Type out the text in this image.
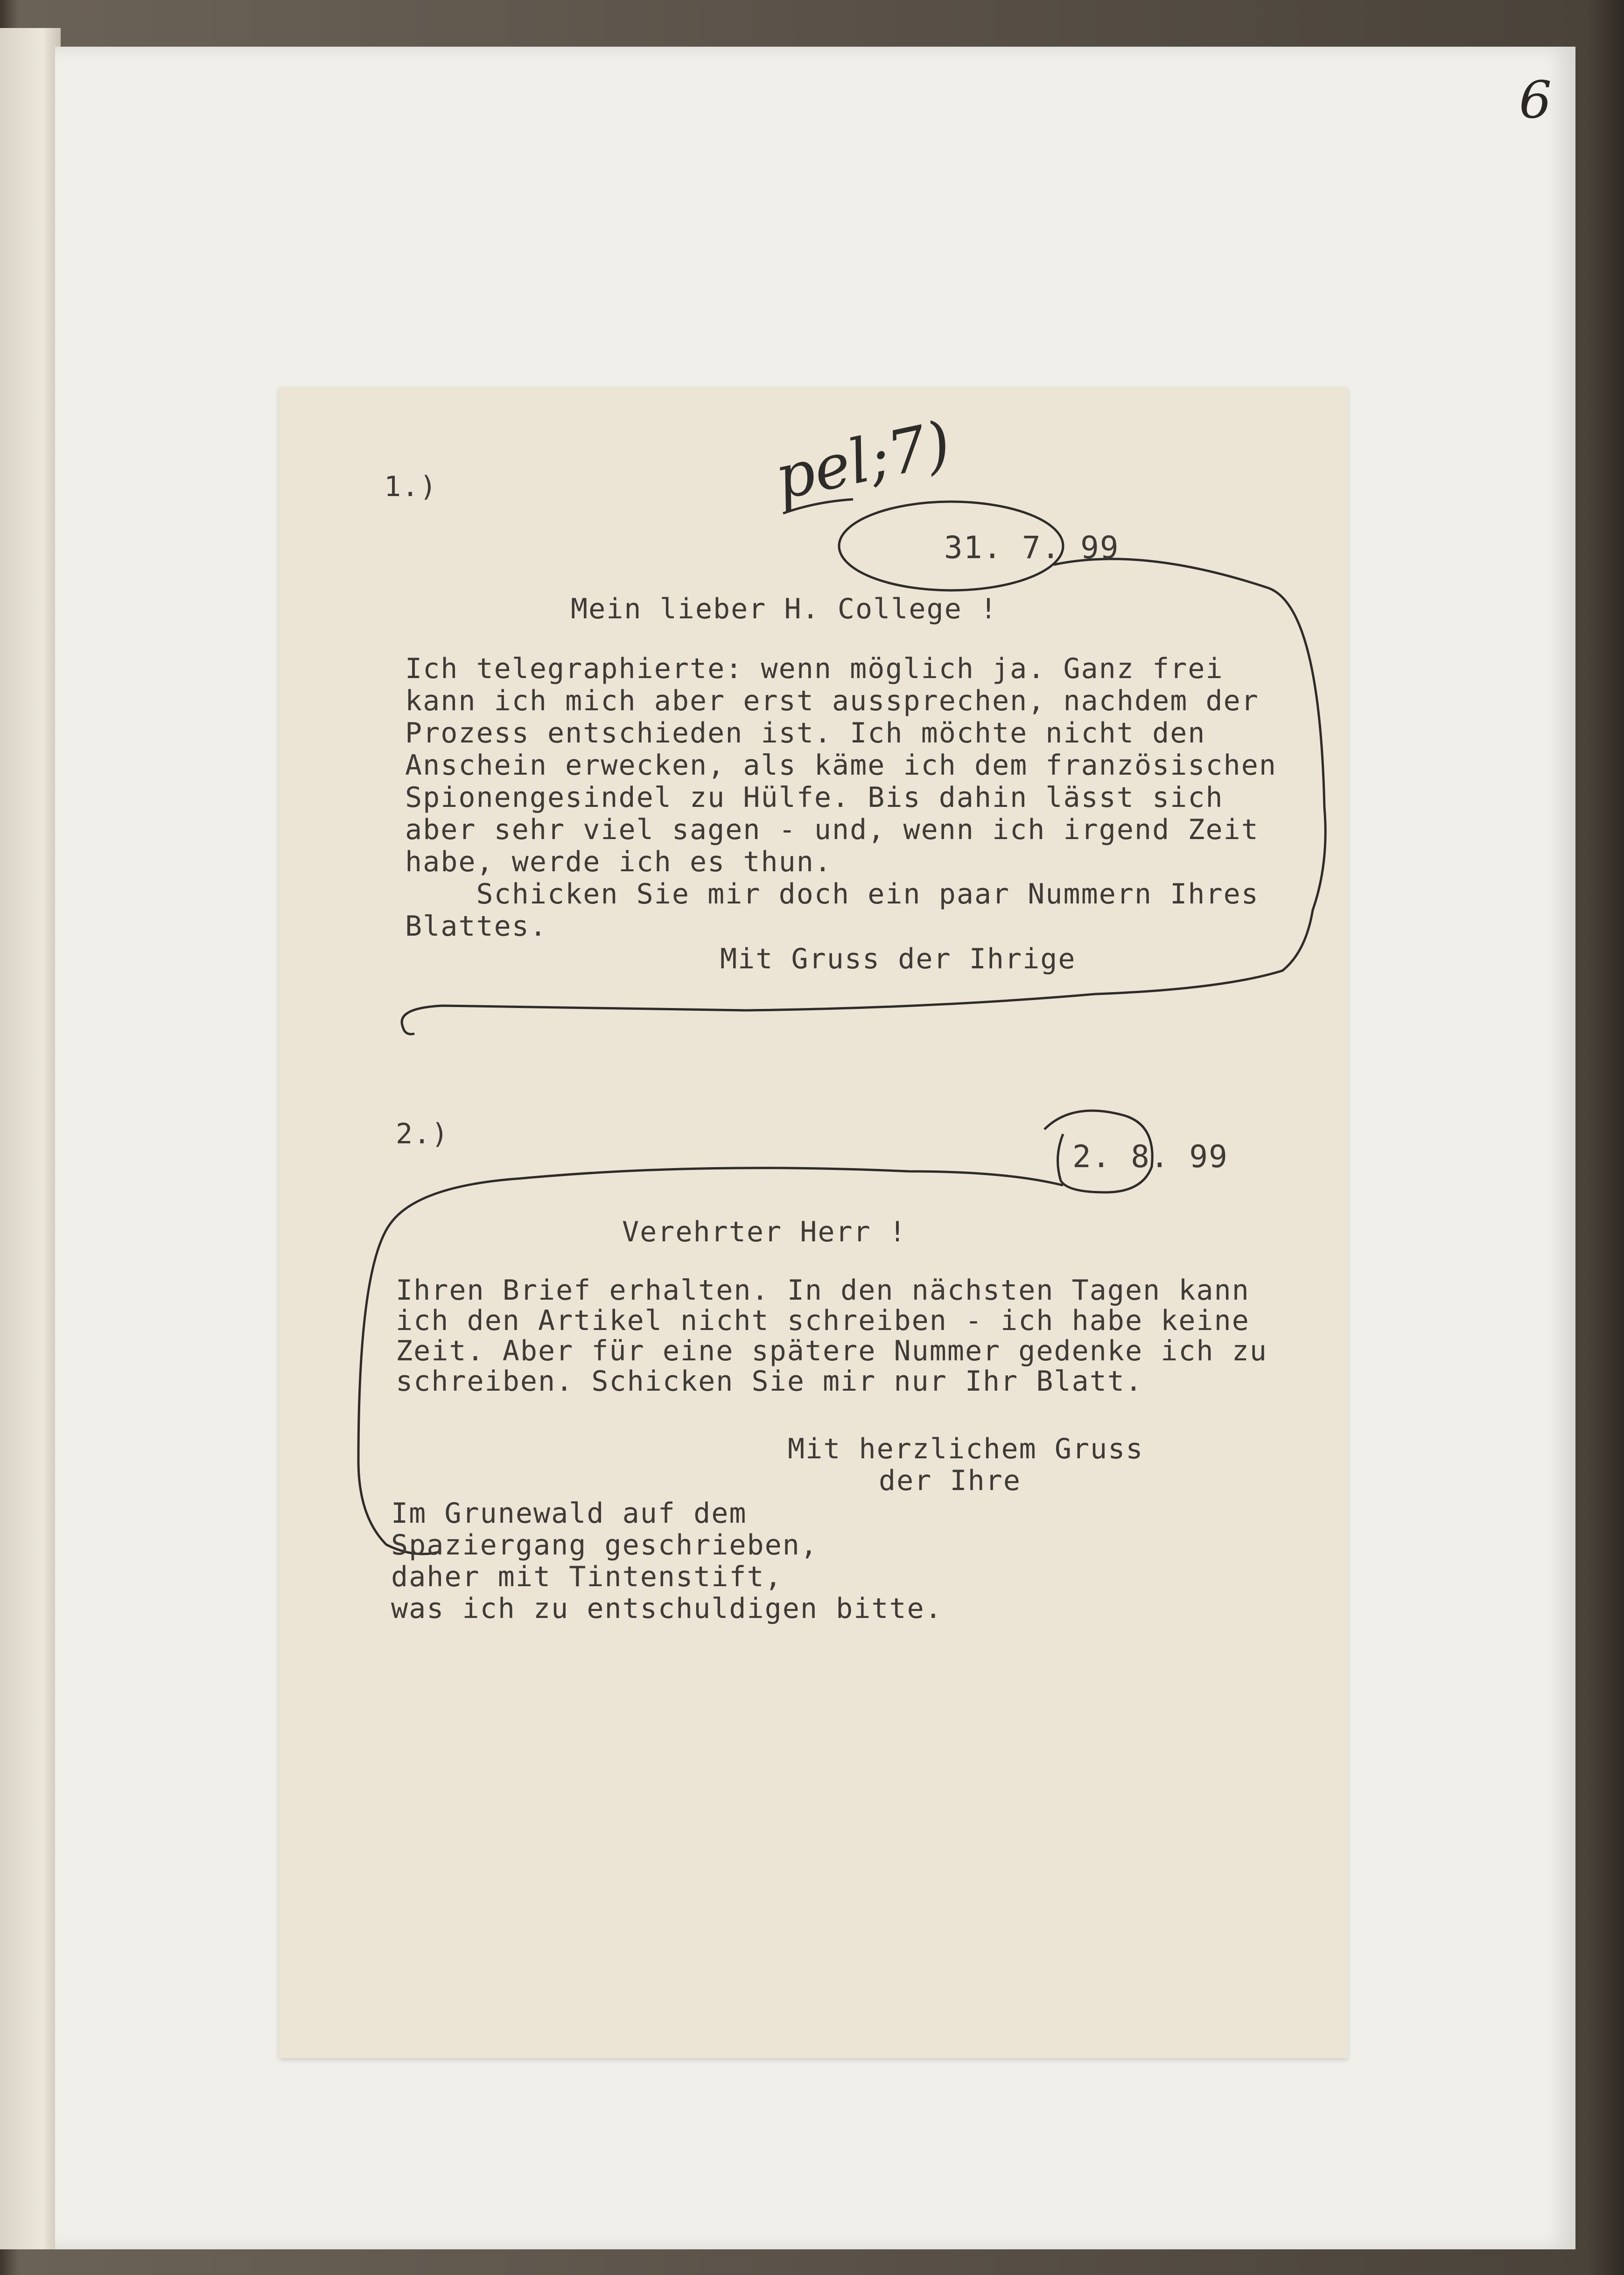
6
pel;7)
1.)
31. 7. 99
Mein lieber H. College !
Ich telegraphierte: wenn möglich ja. Ganz frei
kann ich mich aber erst aussprechen, nachdem der
Prozess entschieden ist. Ich möchte nicht den
Anschein erwecken, als käme ich dem französischen
Spionengesindel zu Hülfe. Bis dahin lässt sich
aber sehr viel sagen - und, wenn ich irgend Zeit
habe, werde ich es thun.
Schicken Sie mir doch ein paar Nummern Ihres
Blattes.
Mit Gruss der Ihrige
2.)
2. 8. 99
Verehrter Herr !
Ihren Brief erhalten. In den nächsten Tagen kann
ich den Artikel nicht schreiben - ich habe keine
Zeit. Aber für eine spätere Nummer gedenke ich zu
schreiben. Schicken Sie mir nur Ihr Blatt.
Mit herzlichem Gruss
der Ihre
Im Grunewald auf dem
Spaziergang geschrieben,
daher mit Tintenstift,
was ich zu entschuldigen bitte.
